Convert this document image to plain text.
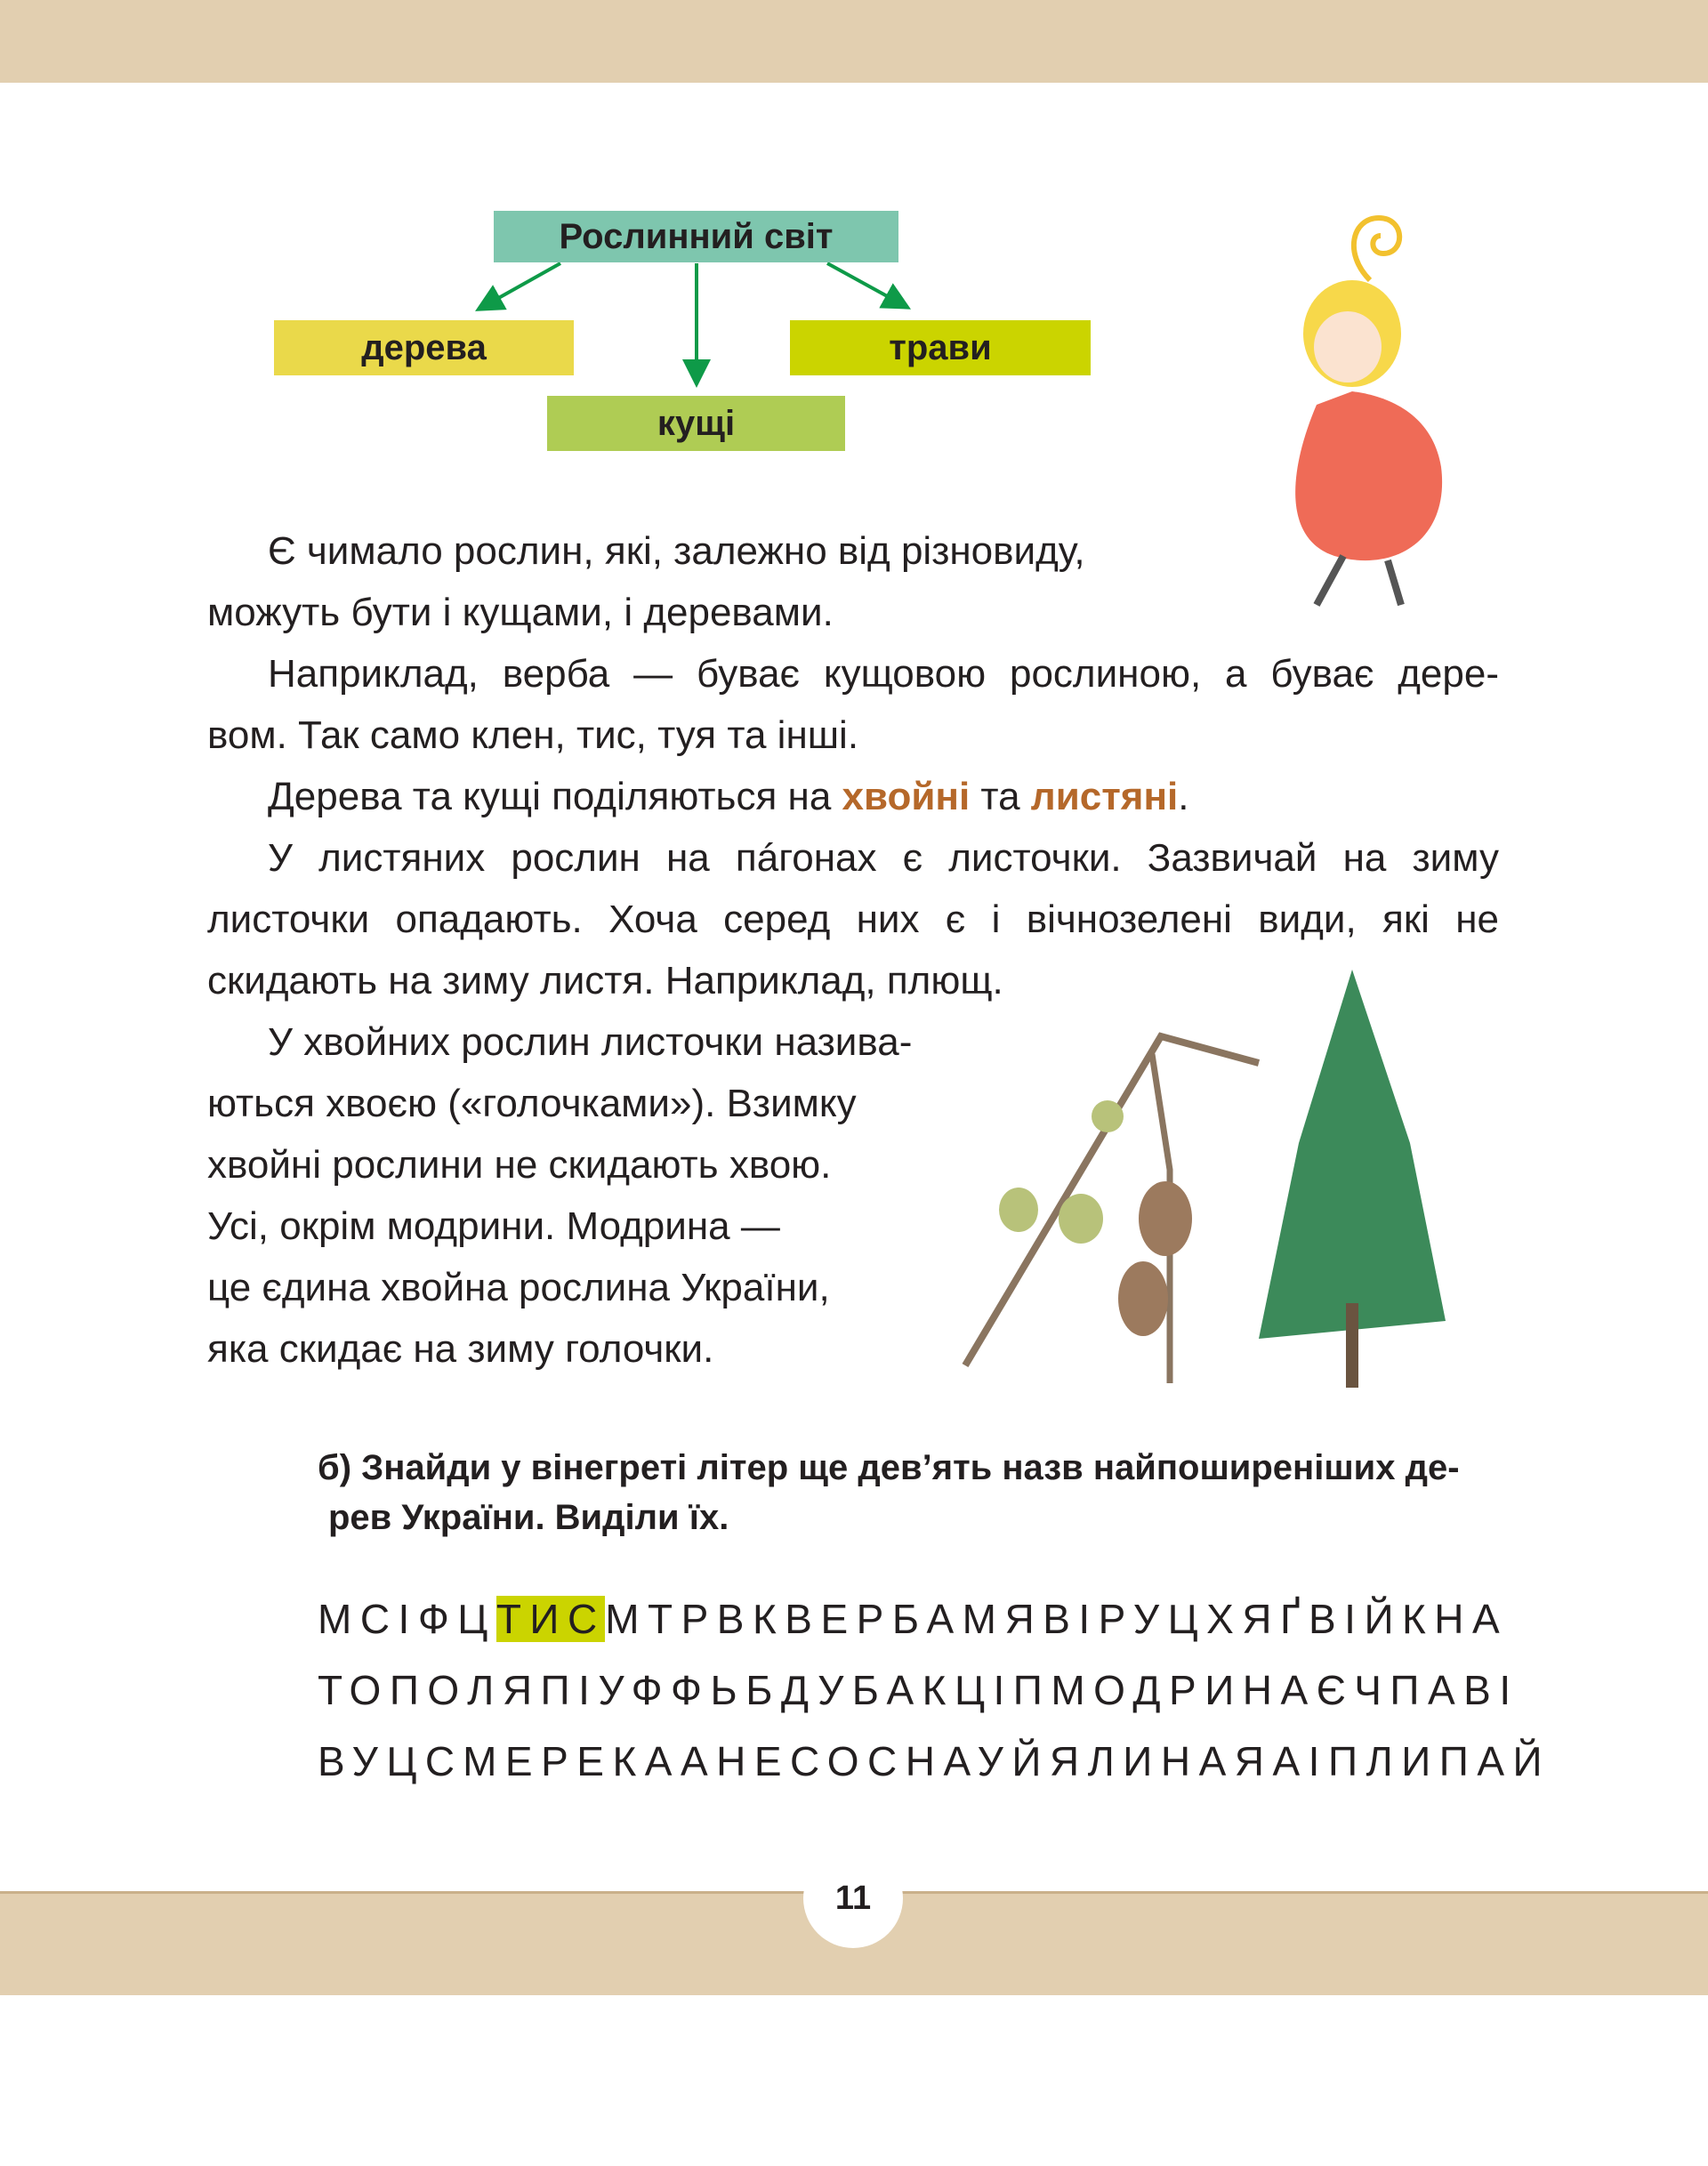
Рослинний світ
дерева	трави
кущі
Є чимало рослин, які, залежно від різновиду,
можуть бути і кущами, і деревами.
Наприклад, верба — буває кущовою рослиною, а буває дере-
вом. Так само клен, тис, туя та інші.
Дерева та кущі поділяються на хвойні та листяні.
У листяних рослин на пáгонах є листочки. Зазвичай на зиму
листочки опадають. Хоча серед них є і вічнозелені види, які не
скидають на зиму листя. Наприклад, плющ.
У хвойних рослин листочки назива-
ються хвоєю («голочками»). Взимку
хвойні рослини не скидають хвою.
Усі, окрім модрини. Модрина —
це єдина хвойна рослина України,
яка скидає на зиму голочки.
б) Знайди у вінегреті літер ще девʼять назв найпоширеніших де-
рев України. Виділи їх.
МСІФЦТИСМТРВКВЕРБАМЯВІРУЦХЯҐВІЙКНА
ТОПОЛЯПІУФФЬБДУБАКЦІПМОДРИНАЄЧПАВІ
ВУЦСМЕРЕКААНЕСОСНАУЙЯЛИНАЯАІПЛИПАЙ
11
